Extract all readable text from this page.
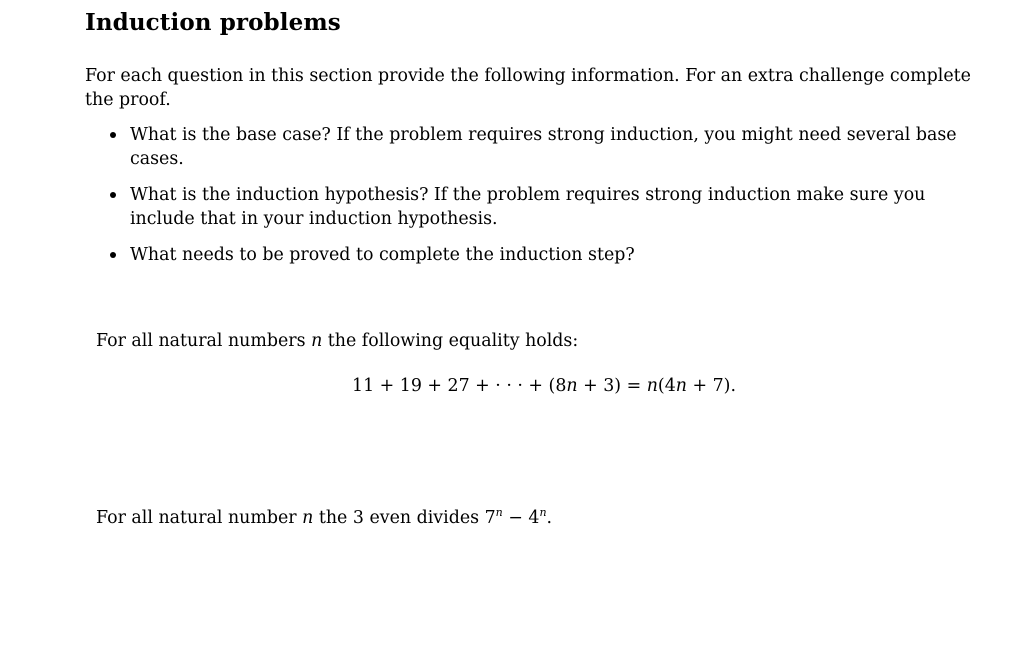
Induction problems

For each question in this section provide the following information. For an extra challenge complete the proof.

What is the base case? If the problem requires strong induction, you might need several base cases.
What is the induction hypothesis? If the problem requires strong induction make sure you include that in your induction hypothesis.
What needs to be proved to complete the induction step?
For all natural numbers n the following equality holds:
11 + 19 + 27 + · · · + (8n + 3) = n(4n + 7).
For all natural number n the 3 even divides $7^n - 4^n$.
